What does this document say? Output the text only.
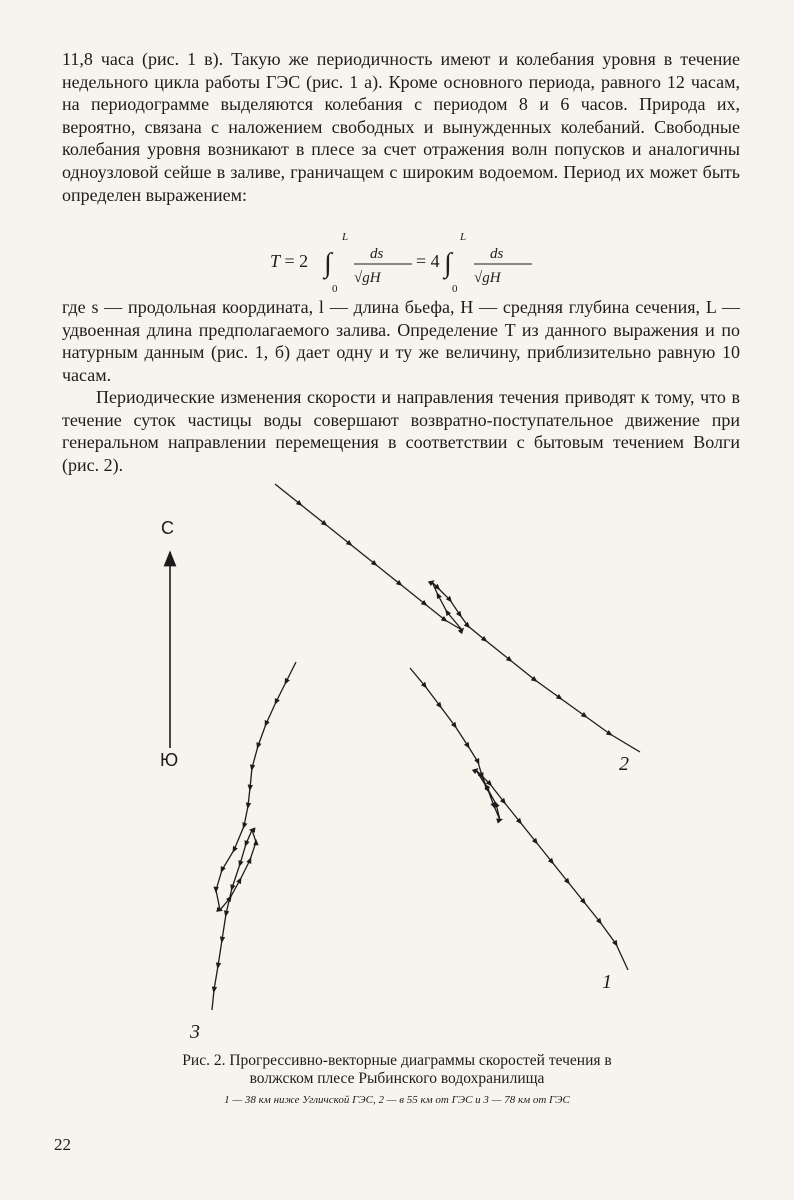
11,8 часа (рис. 1 в). Такую же периодичность имеют и колебания уровня в течение недельного цикла работы ГЭС (рис. 1 а). Кроме основного периода, равного 12 часам, на периодограмме выделяются колебания с периодом 8 и 6 часов. Природа их, вероятно, связана с наложением свободных и вынужденных колебаний. Свободные колебания уровня возникают в плесе за счет отражения волн попусков и аналогичны одноузловой сейше в заливе, граничащем с широким водоемом. Период их может быть определен выражением:

T = 2 ∫
L
0
ds
√gH
= 4 ∫
L
0
ds
√gH

где s — продольная координата, l — длина бьефа, H — средняя глубина сечения, L — удвоенная длина предполагаемого залива. Определение T из данного выражения и по натурным данным (рис. 1, б) дает одну и ту же величину, приблизительно равную 10 часам.

Периодические изменения скорости и направления течения приводят к тому, что в течение суток частицы воды совершают возвратно-поступательное движение при генеральном направлении перемещения в соответствии с бытовым течением Волги (рис. 2).

С
Ю	2
1
3

Рис. 2. Прогрессивно-векторные диаграммы скоростей течения в волжском плесе Рыбинского водохранилища

1 — 38 км ниже Угличской ГЭС, 2 — в 55 км от ГЭС и 3 — 78 км от ГЭС

22
